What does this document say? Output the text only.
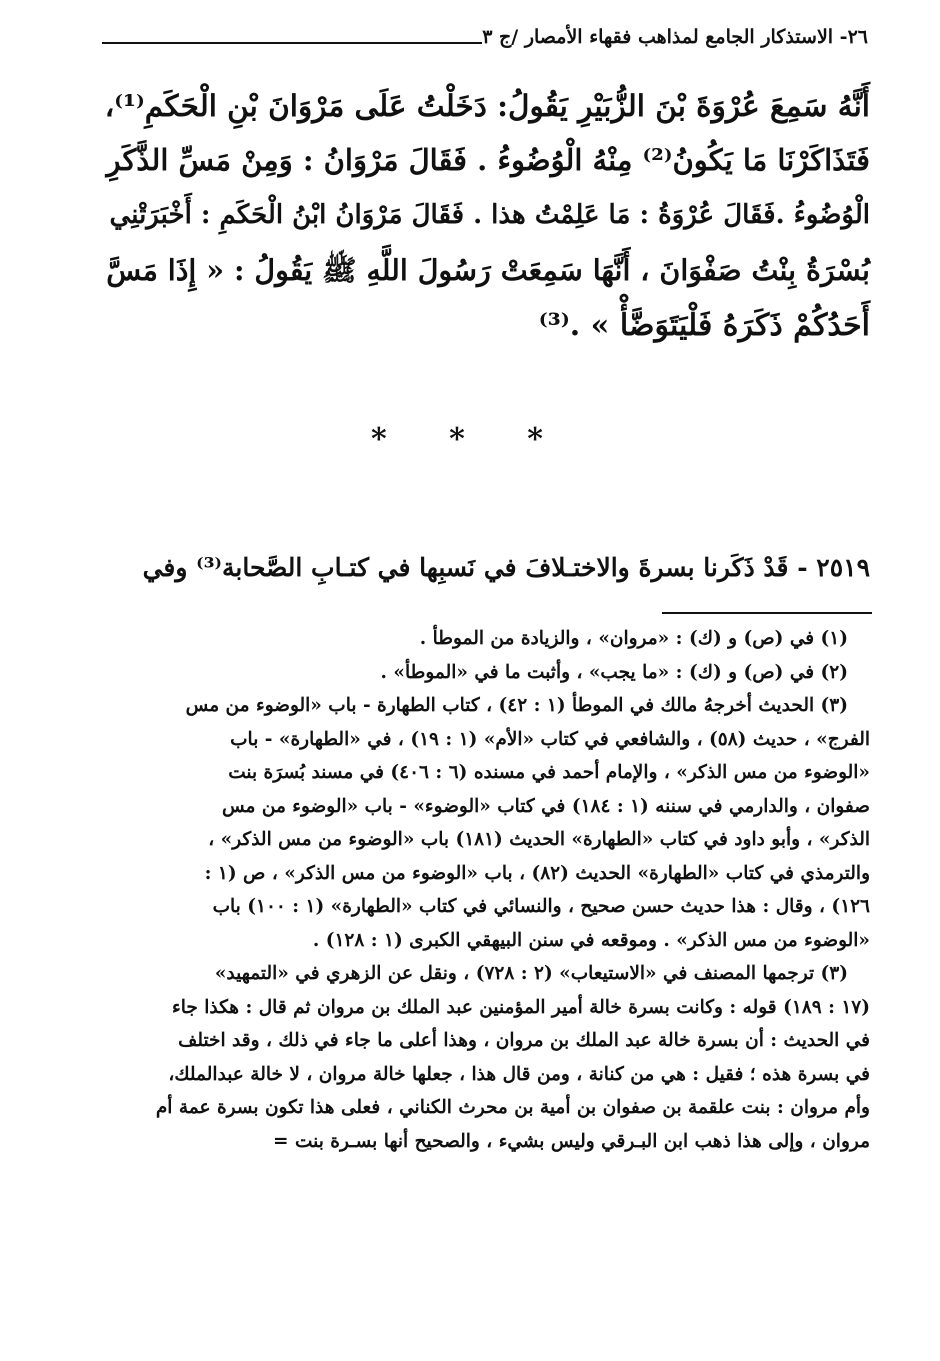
٢٦- الاستذكار الجامع لمذاهب فقهاء الأمصار /ج ٣
أَنَّهُ سَمِعَ عُرْوَةَ بْنَ الزُّبَيْرِ يَقُولُ: دَخَلْتُ عَلَى مَرْوَانَ بْنِ الْحَكَمِ⁽¹⁾،
فَتَذَاكَرْنَا مَا يَكُونُ⁽²⁾ مِنْهُ الْوُضُوءُ . فَقَالَ مَرْوَانُ : وَمِنْ مَسِّ الذَّكَرِ
الْوُضُوءُ .فَقَالَ عُرْوَةُ : مَا عَلِمْتُ هذا . فَقَالَ مَرْوَانُ ابْنُ الْحَكَمِ : أَخْبَرَتْنِي
بُسْرَةُ بِنْتُ صَفْوَانَ ، أَنَّهَا سَمِعَتْ رَسُولَ اللَّهِ ﷺ يَقُولُ : « إِذَا مَسَّ
أَحَدُكُمْ ذَكَرَهُ فَلْيَتَوَضَّأْ » .⁽³⁾
* * *
٢٥١٩ - قَدْ ذَكَرنا بسرةَ والاختـلافَ في نَسبِها في كتـابِ الصَّحابة⁽³⁾ وفي
(١) في (ص) و (ك) : «مروان» ، والزيادة من الموطأ .
(٢) في (ص) و (ك) : «ما يجب» ، وأثبت ما في «الموطأ» .
(٣) الحديث أخرجهُ مالك في الموطأ (١ : ٤٢) ، كتاب الطهارة - باب «الوضوء من مس
الفرج» ، حديث (٥٨) ، والشافعي في كتاب «الأم» (١ : ١٩) ، في «الطهارة» - باب
«الوضوء من مس الذكر» ، والإمام أحمد في مسنده (٦ : ٤٠٦) في مسند بُسرَة بنت
صفوان ، والدارمي في سننه (١ : ١٨٤) في كتاب «الوضوء» - باب «الوضوء من مس
الذكر» ، وأبو داود في كتاب «الطهارة» الحديث (١٨١) باب «الوضوء من مس الذكر» ،
والترمذي في كتاب «الطهارة» الحديث (٨٢) ، باب «الوضوء من مس الذكر» ، ص (١ :
١٢٦) ، وقال : هذا حديث حسن صحيح ، والنسائي في كتاب «الطهارة» (١ : ١٠٠) باب
«الوضوء من مس الذكر» . وموقعه في سنن البيهقي الكبرى (١ : ١٢٨) .
(٣) ترجمها المصنف في «الاستيعاب» (٢ : ٧٢٨) ، ونقل عن الزهري في «التمهيد»
(١٧ : ١٨٩) قوله : وكانت بسرة خالة أمير المؤمنين عبد الملك بن مروان ثم قال : هكذا جاء
في الحديث : أن بسرة خالة عبد الملك بن مروان ، وهذا أعلى ما جاء في ذلك ، وقد اختلف
في بسرة هذه ؛ فقيل : هي من كنانة ، ومن قال هذا ، جعلها خالة مروان ، لا خالة عبدالملك،
وأم مروان : بنت علقمة بن صفوان بن أمية بن محرث الكناني ، فعلى هذا تكون بسرة عمة أم
مروان ، وإلى هذا ذهب ابن البـرقي وليس بشيء ، والصحيح أنها بسـرة بنت =
